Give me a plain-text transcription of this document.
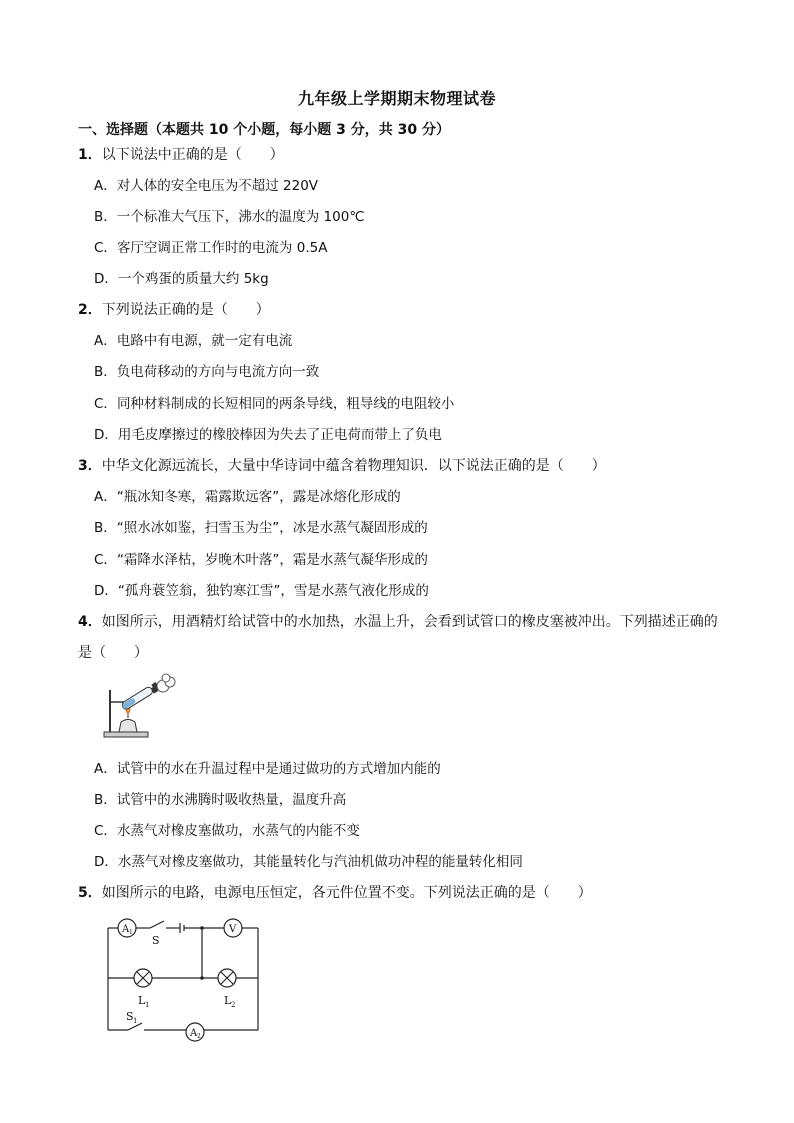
九年级上学期期末物理试卷
一、选择题（本题共 10 个小题，每小题 3 分，共 30 分）
1．以下说法中正确的是（　　）
A．对人体的安全电压为不超过 220V
B．一个标准大气压下，沸水的温度为 100℃
C．客厅空调正常工作时的电流为 0.5A
D．一个鸡蛋的质量大约 5kg
2．下列说法正确的是（　　）
A．电路中有电源，就一定有电流
B．负电荷移动的方向与电流方向一致
C．同种材料制成的长短相同的两条导线，粗导线的电阻较小
D．用毛皮摩擦过的橡胶棒因为失去了正电荷而带上了负电
3．中华文化源远流长，大量中华诗词中蕴含着物理知识．以下说法正确的是（　　）
A．“瓶冰知冬寒，霜露欺远客”，露是冰熔化形成的
B．“照水冰如鉴，扫雪玉为尘”，冰是水蒸气凝固形成的
C．“霜降水泽枯，岁晚木叶落”，霜是水蒸气凝华形成的
D．“孤舟蓑笠翁，独钓寒江雪”，雪是水蒸气液化形成的
4．如图所示，用酒精灯给试管中的水加热，水温上升，会看到试管口的橡皮塞被冲出。下列描述正确的
是（　　）
A．试管中的水在升温过程中是通过做功的方式增加内能的
B．试管中的水沸腾时吸收热量，温度升高
C．水蒸气对橡皮塞做功，水蒸气的内能不变
D．水蒸气对橡皮塞做功，其能量转化与汽油机做功冲程的能量转化相同
5．如图所示的电路，电源电压恒定，各元件位置不变。下列说法正确的是（　　）
A 1
S
V
L 1	L 2
S 1
A 2
